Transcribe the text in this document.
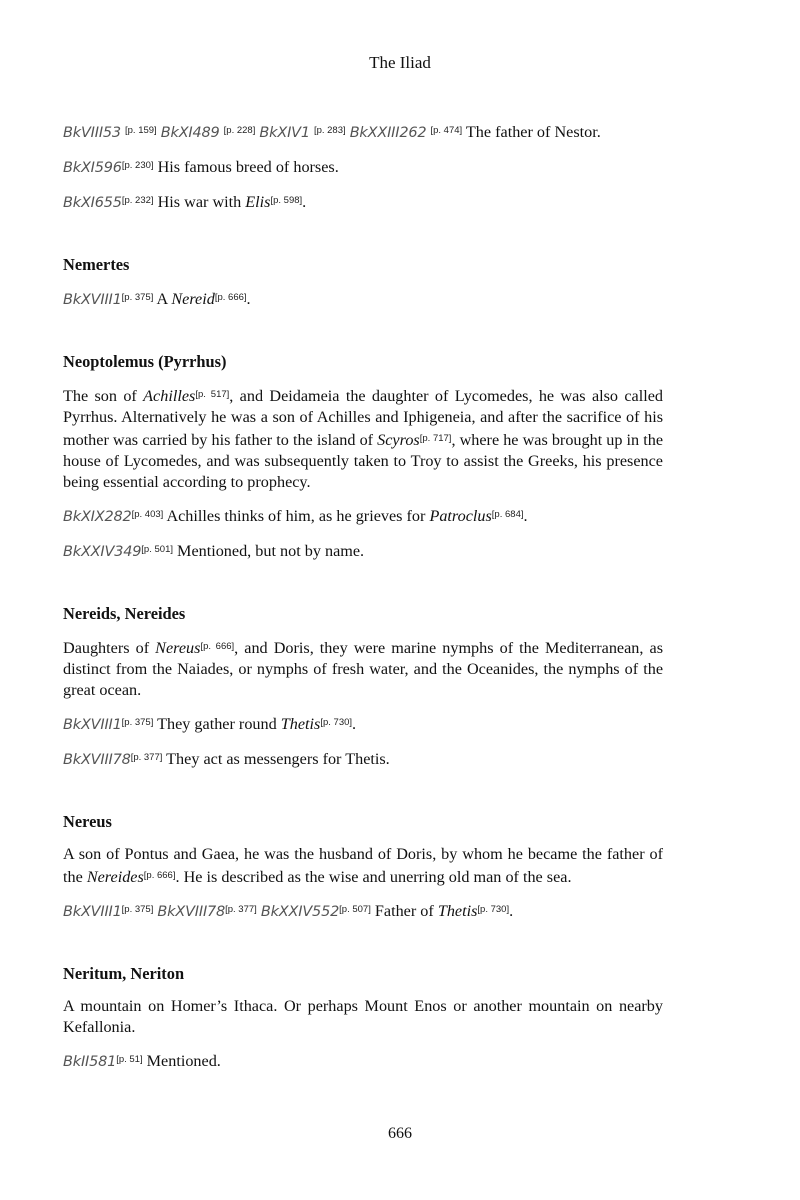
The Iliad

BkVIII53 [p. 159] BkXI489 [p. 228] BkXIV1 [p. 283] BkXXIII262 [p. 474] The father of Nestor.

BkXI596[p. 230] His famous breed of horses.

BkXI655[p. 232] His war with Elis[p. 598].

Nemertes

BkXVIII1[p. 375] A Nereid[p. 666].

Neoptolemus (Pyrrhus)

The son of Achilles[p. 517], and Deidameia the daughter of Lycomedes, he was also called Pyrrhus. Alternatively he was a son of Achilles and Iphigeneia, and after the sacrifice of his mother was carried by his father to the island of Scyros[p. 717], where he was brought up in the house of Lycomedes, and was subsequently taken to Troy to assist the Greeks, his presence being essential according to prophecy.

BkXIX282[p. 403] Achilles thinks of him, as he grieves for Patroclus[p. 684].

BkXXIV349[p. 501] Mentioned, but not by name.

Nereids, Nereides

Daughters of Nereus[p. 666], and Doris, they were marine nymphs of the Mediterranean, as distinct from the Naiades, or nymphs of fresh water, and the Oceanides, the nymphs of the great ocean.

BkXVIII1[p. 375] They gather round Thetis[p. 730].

BkXVIII78[p. 377] They act as messengers for Thetis.

Nereus

A son of Pontus and Gaea, he was the husband of Doris, by whom he became the father of the Nereides[p. 666]. He is described as the wise and unerring old man of the sea.

BkXVIII1[p. 375] BkXVIII78[p. 377] BkXXIV552[p. 507] Father of Thetis[p. 730].

Neritum, Neriton

A mountain on Homer’s Ithaca. Or perhaps Mount Enos or another mountain on nearby Kefallonia.

BkII581[p. 51] Mentioned.

666
